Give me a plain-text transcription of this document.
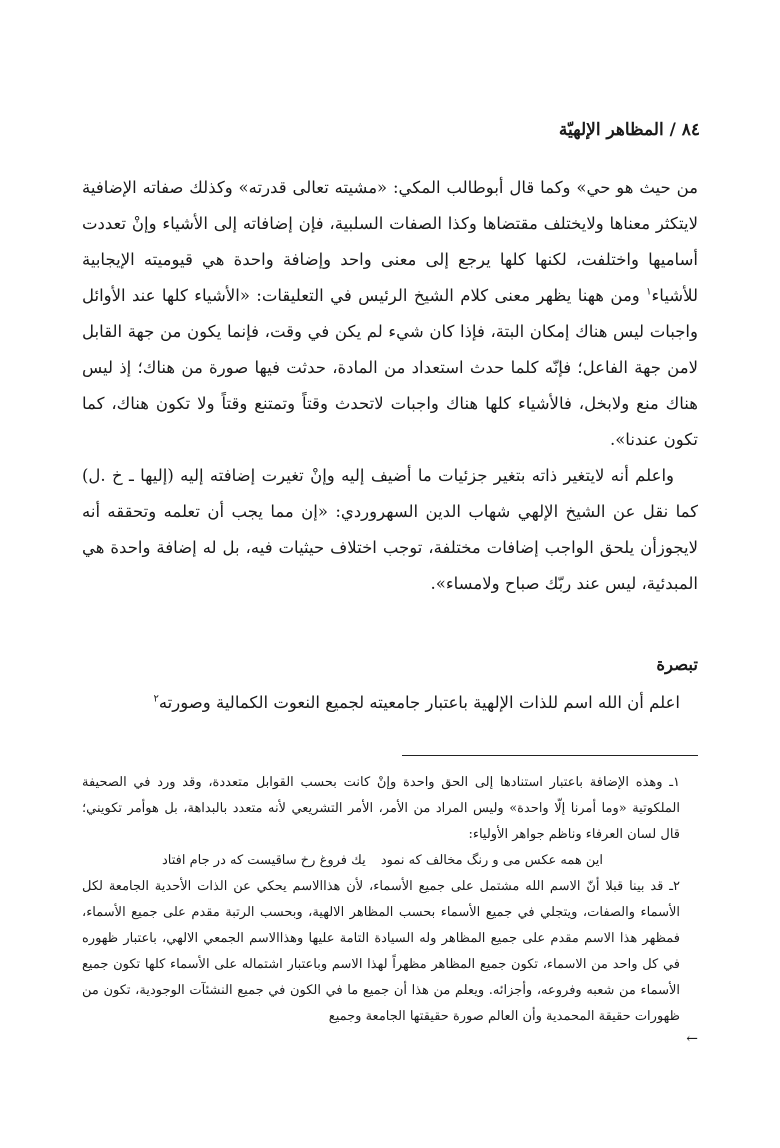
٨٤ / المظاهر الإلهيّة

من حيث هو حي» وكما قال أبوطالب المكي: «مشيته تعالى قدرته» وكذلك صفاته الإضافية لايتكثر معناها ولايختلف مقتضاها وكذا الصفات السلبية، فإن إضافاته إلى الأشياء وإنْ تعددت أساميها واختلفت، لكنها كلها يرجع إلى معنى واحد وإضافة واحدة هي قيوميته الإيجابية للأشياء$^١$ ومن ههنا يظهر معنى كلام الشيخ الرئيس في التعليقات: «الأشياء كلها عند الأوائل واجبات ليس هناك إمكان البتة، فإذا كان شيء لم يكن في وقت، فإنما يكون من جهة القابل لامن جهة الفاعل؛ فإنّه كلما حدث استعداد من المادة، حدثت فيها صورة من هناك؛ إذ ليس هناك منع ولابخل، فالأشياء كلها هناك واجبات لاتحدث وقتاً وتمتنع وقتاً ولا تكون هناك، كما تكون عندنا».

واعلم أنه لايتغير ذاته بتغير جزئيات ما أضيف إليه وإنْ تغيرت إضافته إليه (إليها ـ خ .ل) كما نقل عن الشيخ الإلهي شهاب الدين السهروردي: «إن مما يجب أن تعلمه وتحققه أنه لايجوزأن يلحق الواجب إضافات مختلفة، توجب اختلاف حيثيات فيه، بل له إضافة واحدة هي المبدئية، ليس عند ربّك صباح ولامساء».

تبصرة
اعلم أن الله اسم للذات الإلهية باعتبار جامعيته لجميع النعوت الكمالية وصورته$^٢$

١ـ وهذه الإضافة باعتبار استنادها إلى الحق واحدة وإنْ كانت بحسب القوابل متعددة، وقد ورد في الصحيفة الملكوتية «وما أمرنا إلّا واحدة» وليس المراد من الأمر، الأمر التشريعي لأنه متعدد بالبداهة، بل هوأمر تكويني؛ قال لسان العرفاء وناظم جواهر الأولياء:

اين همه عكس مى و رنگ مخالف كه نمود
يك فروغ رخ ساقيست كه در جام افتاد

٢ـ قد بينا قبلا أنّ الاسم الله مشتمل على جميع الأسماء، لأن هذاالاسم يحكي عن الذات الأحدية الجامعة لكل الأسماء والصفات، ويتجلي في جميع الأسماء بحسب المظاهر الالهية، وبحسب الرتبة مقدم على جميع الأسماء، فمظهر هذا الاسم مقدم على جميع المظاهر وله السيادة التامة عليها وهذاالاسم الجمعي الالهي، باعتبار ظهوره في كل واحد من الاسماء، تكون جميع المظاهر مظهراً لهذا الاسم وباعتبار اشتماله على الأسماء كلها تكون جميع الأسماء من شعبه وفروعه، وأجزائه. ويعلم من هذا أن جميع ما في الكون في جميع النشئآت الوجودية، تكون من ظهورات حقيقة المحمدية وأن العالم صورة حقيقتها الجامعة وجميع

←
